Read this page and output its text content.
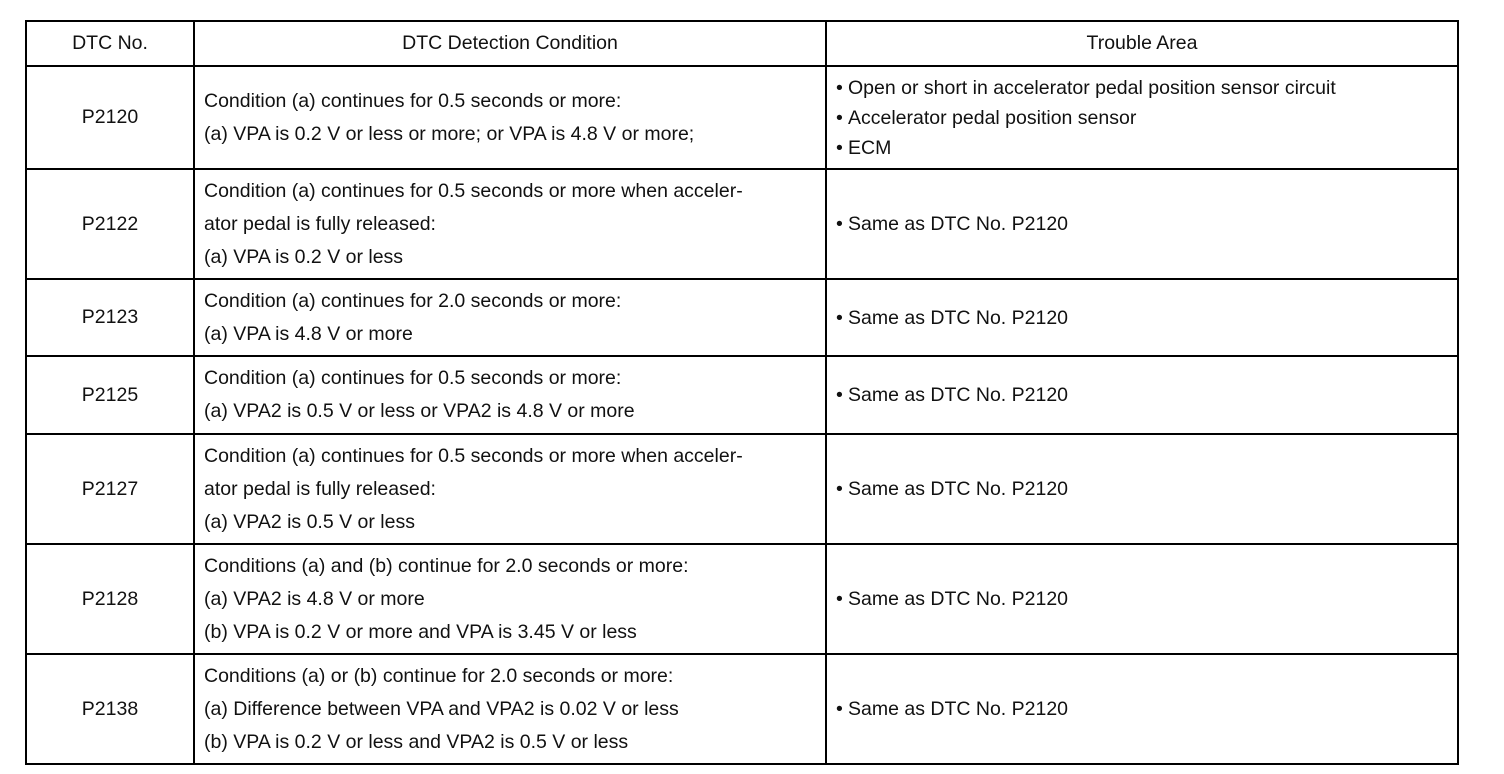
DTC No.	DTC Detection Condition	Trouble Area
P2120	Condition (a) continues for 0.5 seconds or more:
(a) VPA is 0.2 V or less or more; or VPA is 4.8 V or more;	• Open or short in accelerator pedal position sensor circuit
• Accelerator pedal position sensor
• ECM

P2122	Condition (a) continues for 0.5 seconds or more when acceler-
ator pedal is fully released:
(a) VPA is 0.2 V or less	• Same as DTC No. P2120

P2123	Condition (a) continues for 2.0 seconds or more:
(a) VPA is 4.8 V or more	• Same as DTC No. P2120

P2125	Condition (a) continues for 0.5 seconds or more:
(a) VPA2 is 0.5 V or less or VPA2 is 4.8 V or more	• Same as DTC No. P2120

P2127	Condition (a) continues for 0.5 seconds or more when acceler-
ator pedal is fully released:
(a) VPA2 is 0.5 V or less	• Same as DTC No. P2120

P2128	Conditions (a) and (b) continue for 2.0 seconds or more:
(a) VPA2 is 4.8 V or more
(b) VPA is 0.2 V or more and VPA is 3.45 V or less	• Same as DTC No. P2120

P2138	Conditions (a) or (b) continue for 2.0 seconds or more:
(a) Difference between VPA and VPA2 is 0.02 V or less
(b) VPA is 0.2 V or less and VPA2 is 0.5 V or less	• Same as DTC No. P2120
